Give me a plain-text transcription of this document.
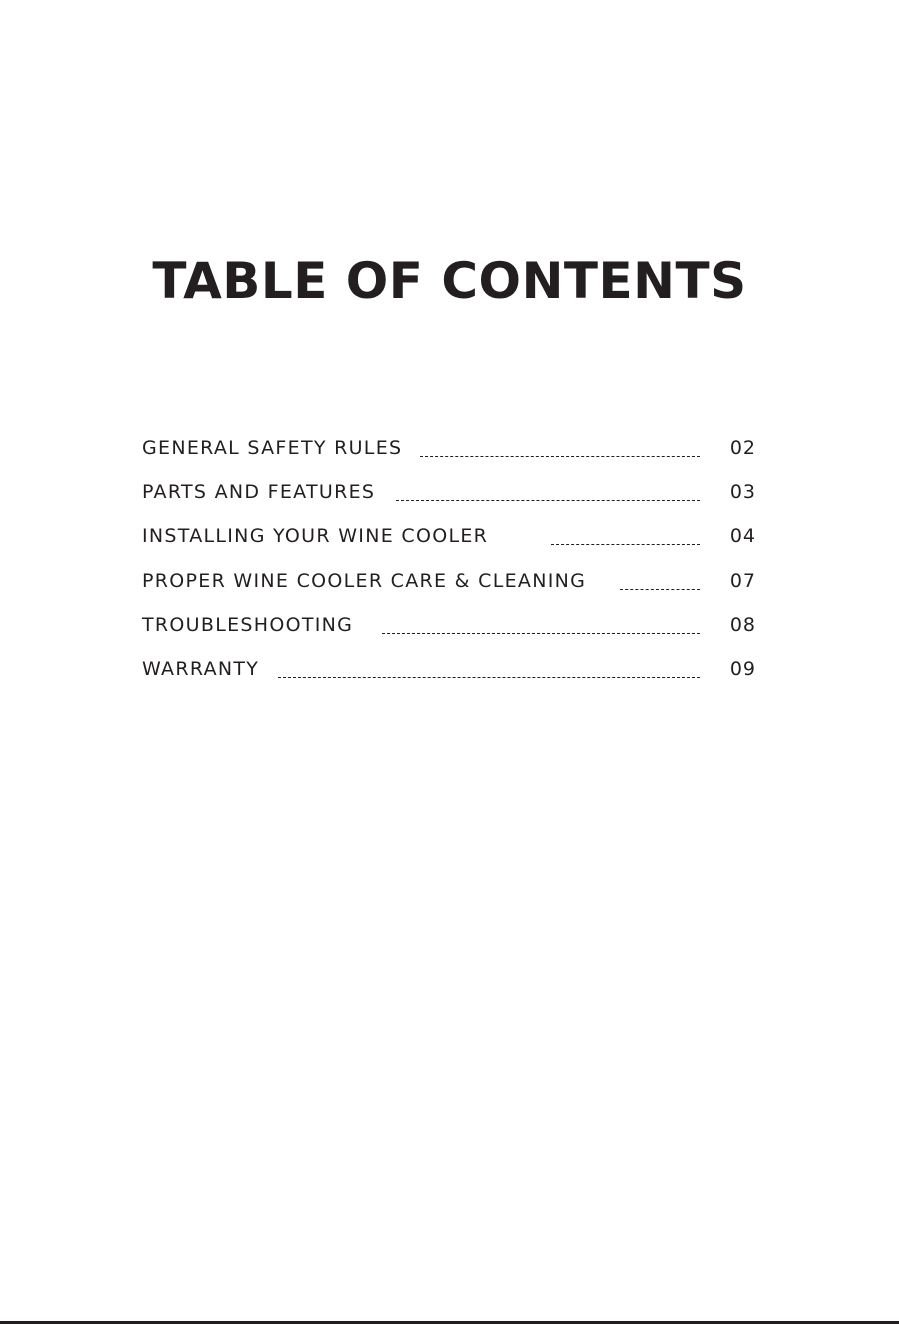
TABLE OF CONTENTS
GENERAL SAFETY RULES	02
PARTS AND FEATURES	03
INSTALLING YOUR WINE COOLER	04
PROPER WINE COOLER CARE & CLEANING	07
TROUBLESHOOTING	08
WARRANTY	09
